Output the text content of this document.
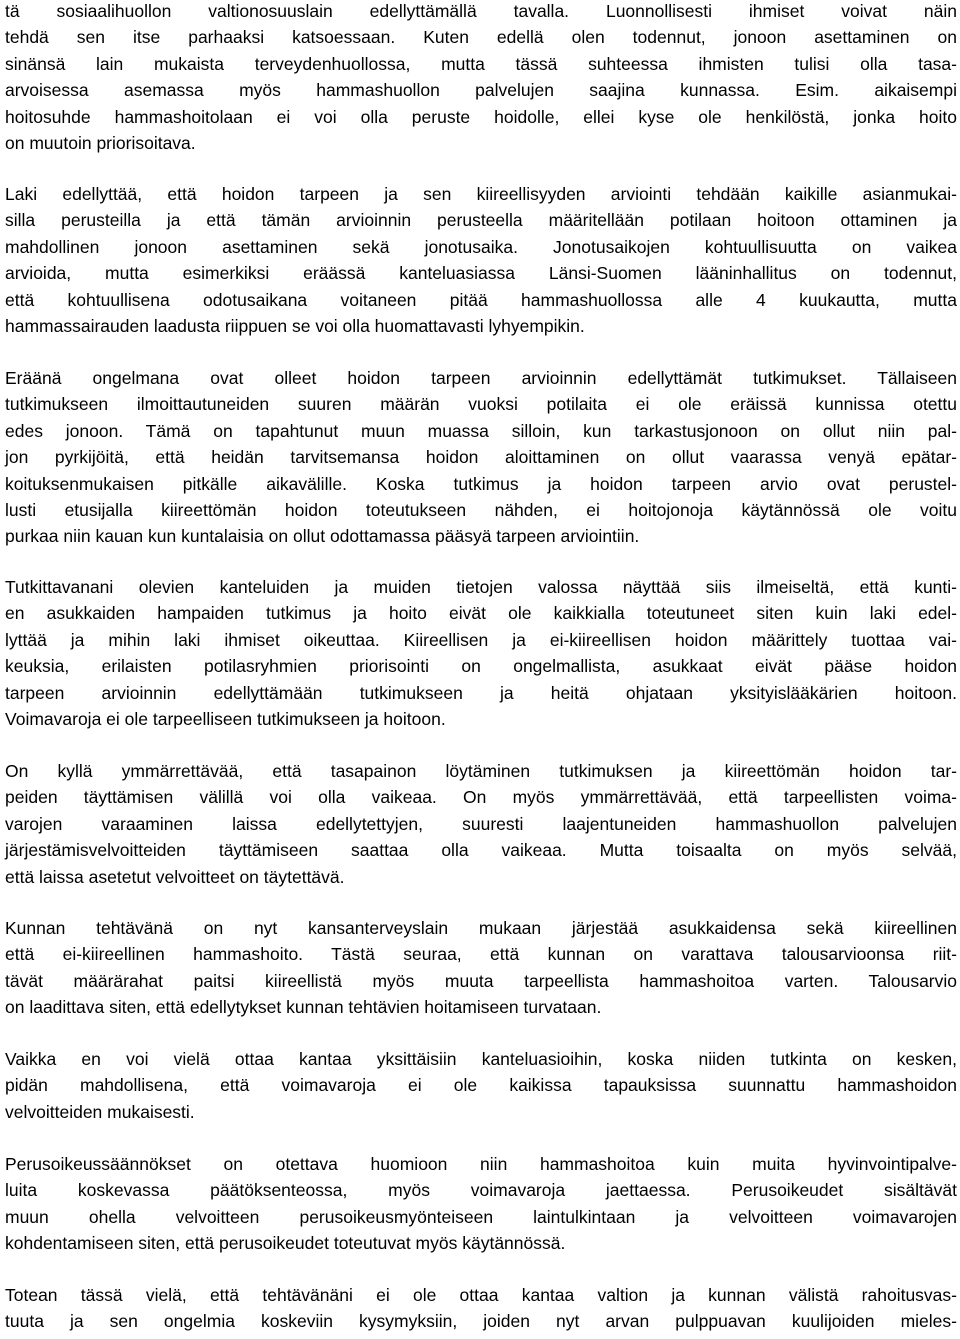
tä sosiaalihuollon valtionosuuslain edellyttämällä tavalla. Luonnollisesti ihmiset voivat näin
tehdä sen itse parhaaksi katsoessaan. Kuten edellä olen todennut, jonoon asettaminen on
sinänsä lain mukaista terveydenhuollossa, mutta tässä suhteessa ihmisten tulisi olla tasa-
arvoisessa asemassa myös hammashuollon palvelujen saajina kunnassa. Esim. aikaisempi
hoitosuhde hammashoitolaan ei voi olla peruste hoidolle, ellei kyse ole henkilöstä, jonka hoito
on muutoin priorisoitava.
Laki edellyttää, että hoidon tarpeen ja sen kiireellisyyden arviointi tehdään kaikille asianmukai-
silla perusteilla ja että tämän arvioinnin perusteella määritellään potilaan hoitoon ottaminen ja
mahdollinen jonoon asettaminen sekä jonotusaika. Jonotusaikojen kohtuullisuutta on vaikea
arvioida, mutta esimerkiksi eräässä kanteluasiassa Länsi-Suomen lääninhallitus on todennut,
että kohtuullisena odotusaikana voitaneen pitää hammashuollossa alle 4 kuukautta, mutta
hammassairauden laadusta riippuen se voi olla huomattavasti lyhyempikin.
Eräänä ongelmana ovat olleet hoidon tarpeen arvioinnin edellyttämät tutkimukset. Tällaiseen
tutkimukseen ilmoittautuneiden suuren määrän vuoksi potilaita ei ole eräissä kunnissa otettu
edes jonoon. Tämä on tapahtunut muun muassa silloin, kun tarkastusjonoon on ollut niin pal-
jon pyrkijöitä, että heidän tarvitsemansa hoidon aloittaminen on ollut vaarassa venyä epätar-
koituksenmukaisen pitkälle aikavälille. Koska tutkimus ja hoidon tarpeen arvio ovat perustel-
lusti etusijalla kiireettömän hoidon toteutukseen nähden, ei hoitojonoja käytännössä ole voitu
purkaa niin kauan kun kuntalaisia on ollut odottamassa pääsyä tarpeen arviointiin.
Tutkittavanani olevien kanteluiden ja muiden tietojen valossa näyttää siis ilmeiseltä, että kunti-
en asukkaiden hampaiden tutkimus ja hoito eivät ole kaikkialla toteutuneet siten kuin laki edel-
lyttää ja mihin laki ihmiset oikeuttaa. Kiireellisen ja ei-kiireellisen hoidon määrittely tuottaa vai-
keuksia, erilaisten potilasryhmien priorisointi on ongelmallista, asukkaat eivät pääse hoidon
tarpeen arvioinnin edellyttämään tutkimukseen ja heitä ohjataan yksityislääkärien hoitoon.
Voimavaroja ei ole tarpeelliseen tutkimukseen ja hoitoon.
On kyllä ymmärrettävää, että tasapainon löytäminen tutkimuksen ja kiireettömän hoidon tar-
peiden täyttämisen välillä voi olla vaikeaa. On myös ymmärrettävää, että tarpeellisten voima-
varojen varaaminen laissa edellytettyjen, suuresti laajentuneiden hammashuollon palvelujen
järjestämisvelvoitteiden täyttämiseen saattaa olla vaikeaa. Mutta toisaalta on myös selvää,
että laissa asetetut velvoitteet on täytettävä.
Kunnan tehtävänä on nyt kansanterveyslain mukaan järjestää asukkaidensa sekä kiireellinen
että ei-kiireellinen hammashoito. Tästä seuraa, että kunnan on varattava talousarvioonsa riit-
tävät määrärahat paitsi kiireellistä myös muuta tarpeellista hammashoitoa varten. Talousarvio
on laadittava siten, että edellytykset kunnan tehtävien hoitamiseen turvataan.
Vaikka en voi vielä ottaa kantaa yksittäisiin kanteluasioihin, koska niiden tutkinta on kesken,
pidän mahdollisena, että voimavaroja ei ole kaikissa tapauksissa suunnattu hammashoidon
velvoitteiden mukaisesti.
Perusoikeussäännökset on otettava huomioon niin hammashoitoa kuin muita hyvinvointipalve-
luita koskevassa päätöksenteossa, myös voimavaroja jaettaessa. Perusoikeudet sisältävät
muun ohella velvoitteen perusoikeusmyönteiseen laintulkintaan ja velvoitteen voimavarojen
kohdentamiseen siten, että perusoikeudet toteutuvat myös käytännössä.
Totean tässä vielä, että tehtävänäni ei ole ottaa kantaa valtion ja kunnan välistä rahoitusvas-
tuuta ja sen ongelmia koskeviin kysymyksiin, joiden nyt arvan pulppuavan kuulijoiden mieles-
